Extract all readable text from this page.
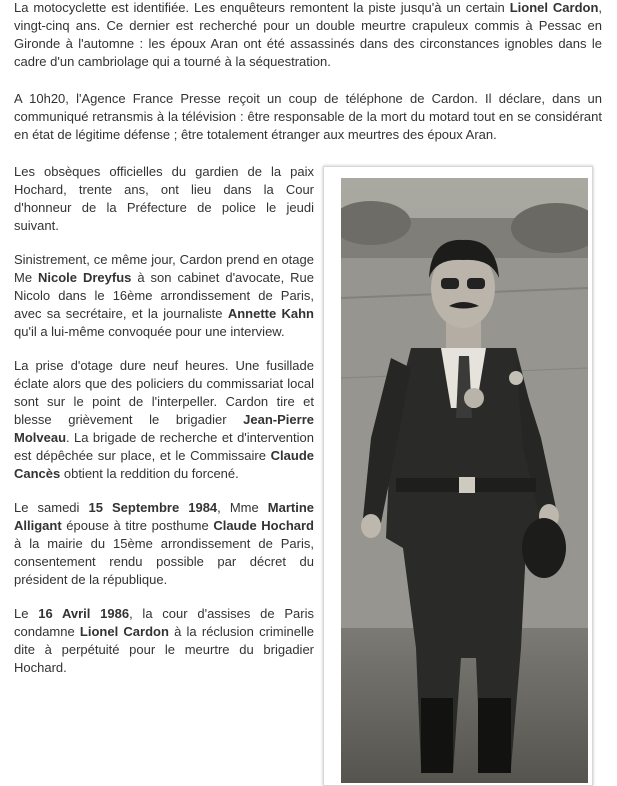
La motocyclette est identifiée. Les enquêteurs remontent la piste jusqu'à un certain Lionel Cardon, vingt-cinq ans. Ce dernier est recherché pour un double meurtre crapuleux commis à Pessac en Gironde à l'automne : les époux Aran ont été assassinés dans des circonstances ignobles dans le cadre d'un cambriolage qui a tourné à la séquestration.

A 10h20, l'Agence France Presse reçoit un coup de téléphone de Cardon. Il déclare, dans un communiqué retransmis à la télévision : être responsable de la mort du motard tout en se considérant en état de légitime défense ; être totalement étranger aux meurtres des époux Aran.

Les obsèques officielles du gardien de la paix Hochard, trente ans, ont lieu dans la Cour d'honneur de la Préfecture de police le jeudi suivant.

Sinistrement, ce même jour, Cardon prend en otage Me Nicole Dreyfus à son cabinet d'avocate, Rue Nicolo dans le 16ème arrondissement de Paris, avec sa secrétaire, et la journaliste Annette Kahn qu'il a lui-même convoquée pour une interview.

La prise d'otage dure neuf heures. Une fusillade éclate alors que des policiers du commissariat local sont sur le point de l'interpeller. Cardon tire et blesse grièvement le brigadier Jean-Pierre Molveau. La brigade de recherche et d'intervention est dépêchée sur place, et le Commissaire Claude Cancès obtient la reddition du forcené.

Le samedi 15 Septembre 1984, Mme Martine Alligant épouse à titre posthume Claude Hochard à la mairie du 15ème arrondissement de Paris, consentement rendu possible par décret du président de la république.

Le 16 Avril 1986, la cour d'assises de Paris condamne Lionel Cardon à la réclusion criminelle dite à perpétuité pour le meurtre du brigadier Hochard.
